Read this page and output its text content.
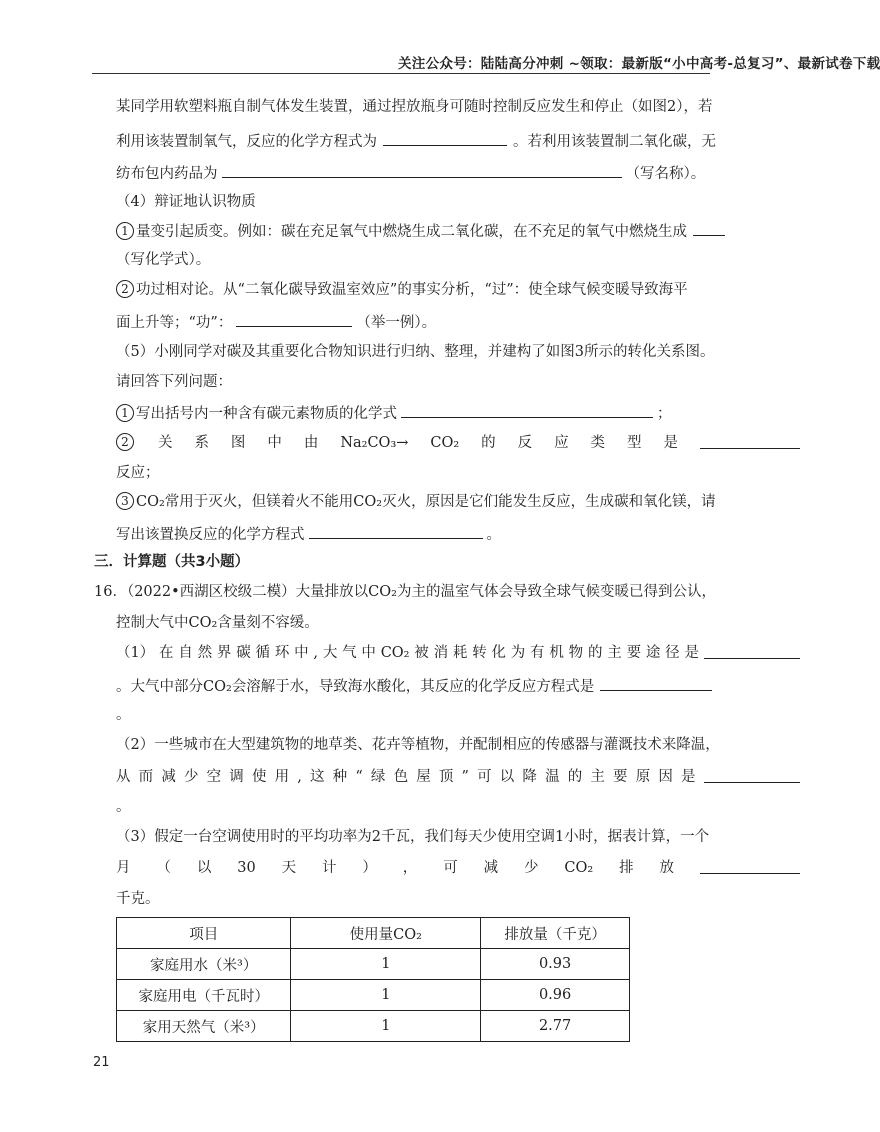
关注公众号：陆陆高分冲刺 ~领取：最新版“小中高考-总复习”、最新试卷下载
某同学用软塑料瓶自制气体发生装置，通过捏放瓶身可随时控制反应发生和停止（如图2），若
利用该装置制氧气，反应的化学方程式为	。若利用该装置制二氧化碳，无
纺布包内药品为	（写名称）。
（4）辩证地认识物质
1 量变引起质变。例如：碳在充足氧气中燃烧生成二氧化碳，在不充足的氧气中燃烧生成
（写化学式）。
2 功过相对论。从“二氧化碳导致温室效应”的事实分析，“过”：使全球气候变暖导致海平
面上升等；“功”：	（举一例）。
（5）小刚同学对碳及其重要化合物知识进行归纳、整理，并建构了如图3所示的转化关系图。
请回答下列问题：
1 写出括号内一种含有碳元素物质的化学式	；
2	关 系 图 中 由 Na₂CO₃→ CO₂ 的 反 应 类 型 是
反应；
3 CO₂常用于灭火，但镁着火不能用CO₂灭火，原因是它们能发生反应，生成碳和氧化镁，请
写出该置换反应的化学方程式	。
三．计算题（共3小题）
16．（2022•西湖区校级二模）大量排放以CO₂为主的温室气体会导致全球气候变暖已得到公认，
控制大气中CO₂含量刻不容缓。
（1） 在 自 然 界 碳 循 环 中 , 大 气 中 CO₂ 被 消 耗 转 化 为 有 机 物 的 主 要 途 径 是
。大气中部分CO₂会溶解于水，导致海水酸化，其反应的化学反应方程式是
。
（2）一些城市在大型建筑物的地草类、花卉等植物，并配制相应的传感器与灌溉技术来降温，
从 而 减 少 空 调 使 用 , 这 种 “ 绿 色 屋 顶 ” 可 以 降 温 的 主 要 原 因 是
。
（3）假定一台空调使用时的平均功率为2千瓦，我们每天少使用空调1小时，据表计算，一个
月 （ 以 30 天 计 ） ， 可 减 少 CO₂ 排 放
千克。
项目	使用量CO₂	排放量（千克）
家庭用水（米³）	1	0.93
家庭用电（千瓦时）	1	0.96
家用天然气（米³）	1	2.77
21
